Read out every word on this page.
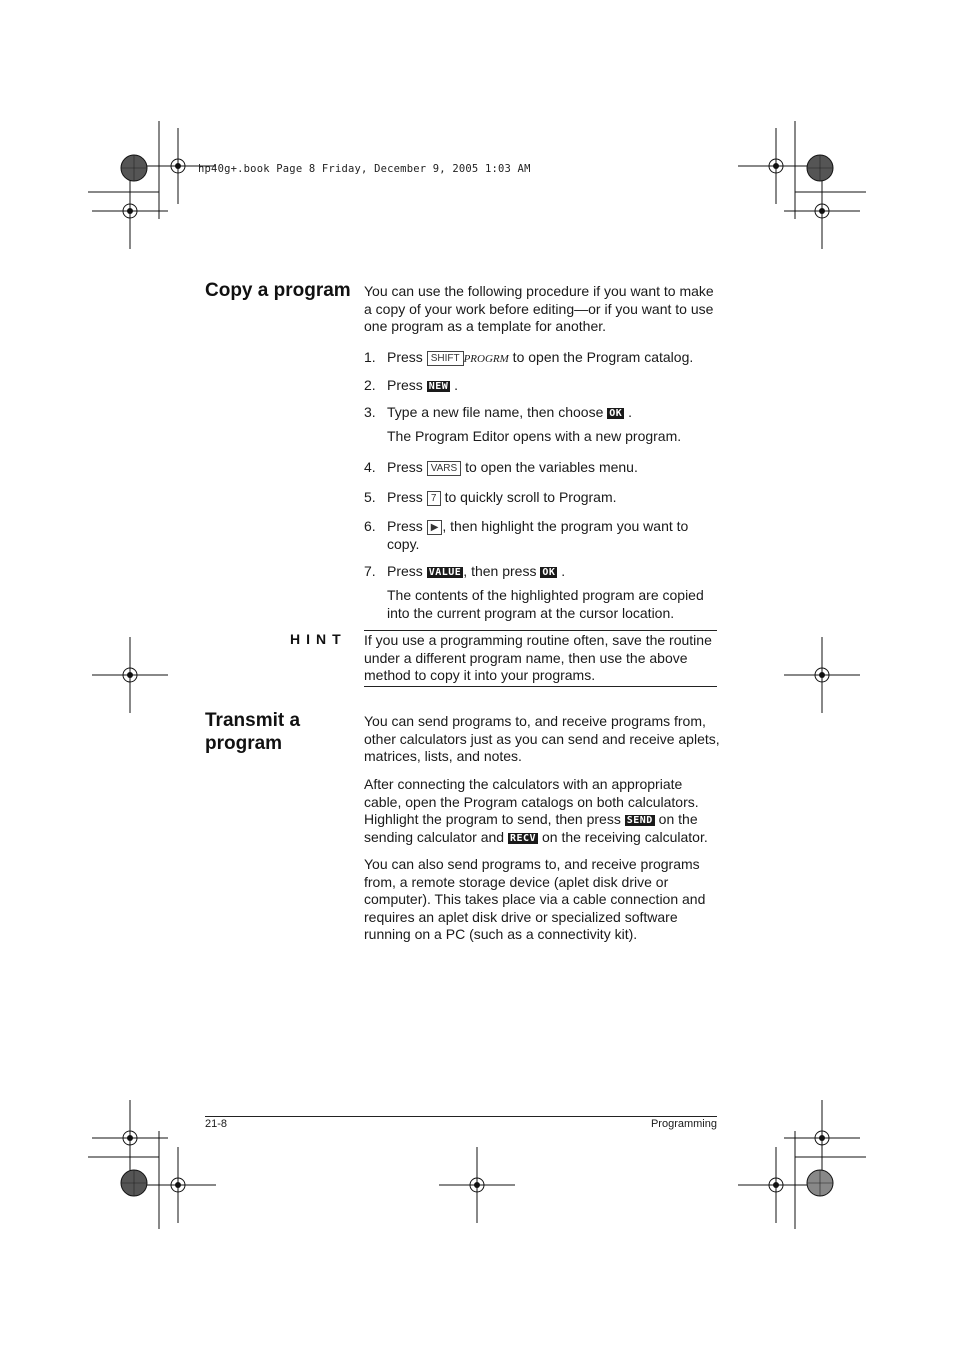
hp40g+.book Page 8 Friday, December 9, 2005 1:03 AM
Copy a program You can use the following procedure if you want to make a copy of your work before editing—or if you want to use one program as a template for another.
1. Press SHIFT PROGRM to open the Program catalog.
2. Press NEW .
3. Type a new file name, then choose OK .
The Program Editor opens with a new program.
4. Press VARS to open the variables menu.
5. Press 7 to quickly scroll to Program.
6. Press ▶ , then highlight the program you want to copy.
7. Press VALUE , then press OK .
The contents of the highlighted program are copied into the current program at the cursor location.
HINT If you use a programming routine often, save the routine under a different program name, then use the above method to copy it into your programs.
Transmit a program
You can send programs to, and receive programs from, other calculators just as you can send and receive aplets, matrices, lists, and notes.
After connecting the calculators with an appropriate cable, open the Program catalogs on both calculators. Highlight the program to send, then press SEND on the sending calculator and RECV on the receiving calculator.
You can also send programs to, and receive programs from, a remote storage device (aplet disk drive or computer). This takes place via a cable connection and requires an aplet disk drive or specialized software running on a PC (such as a connectivity kit).
21-8	Programming
